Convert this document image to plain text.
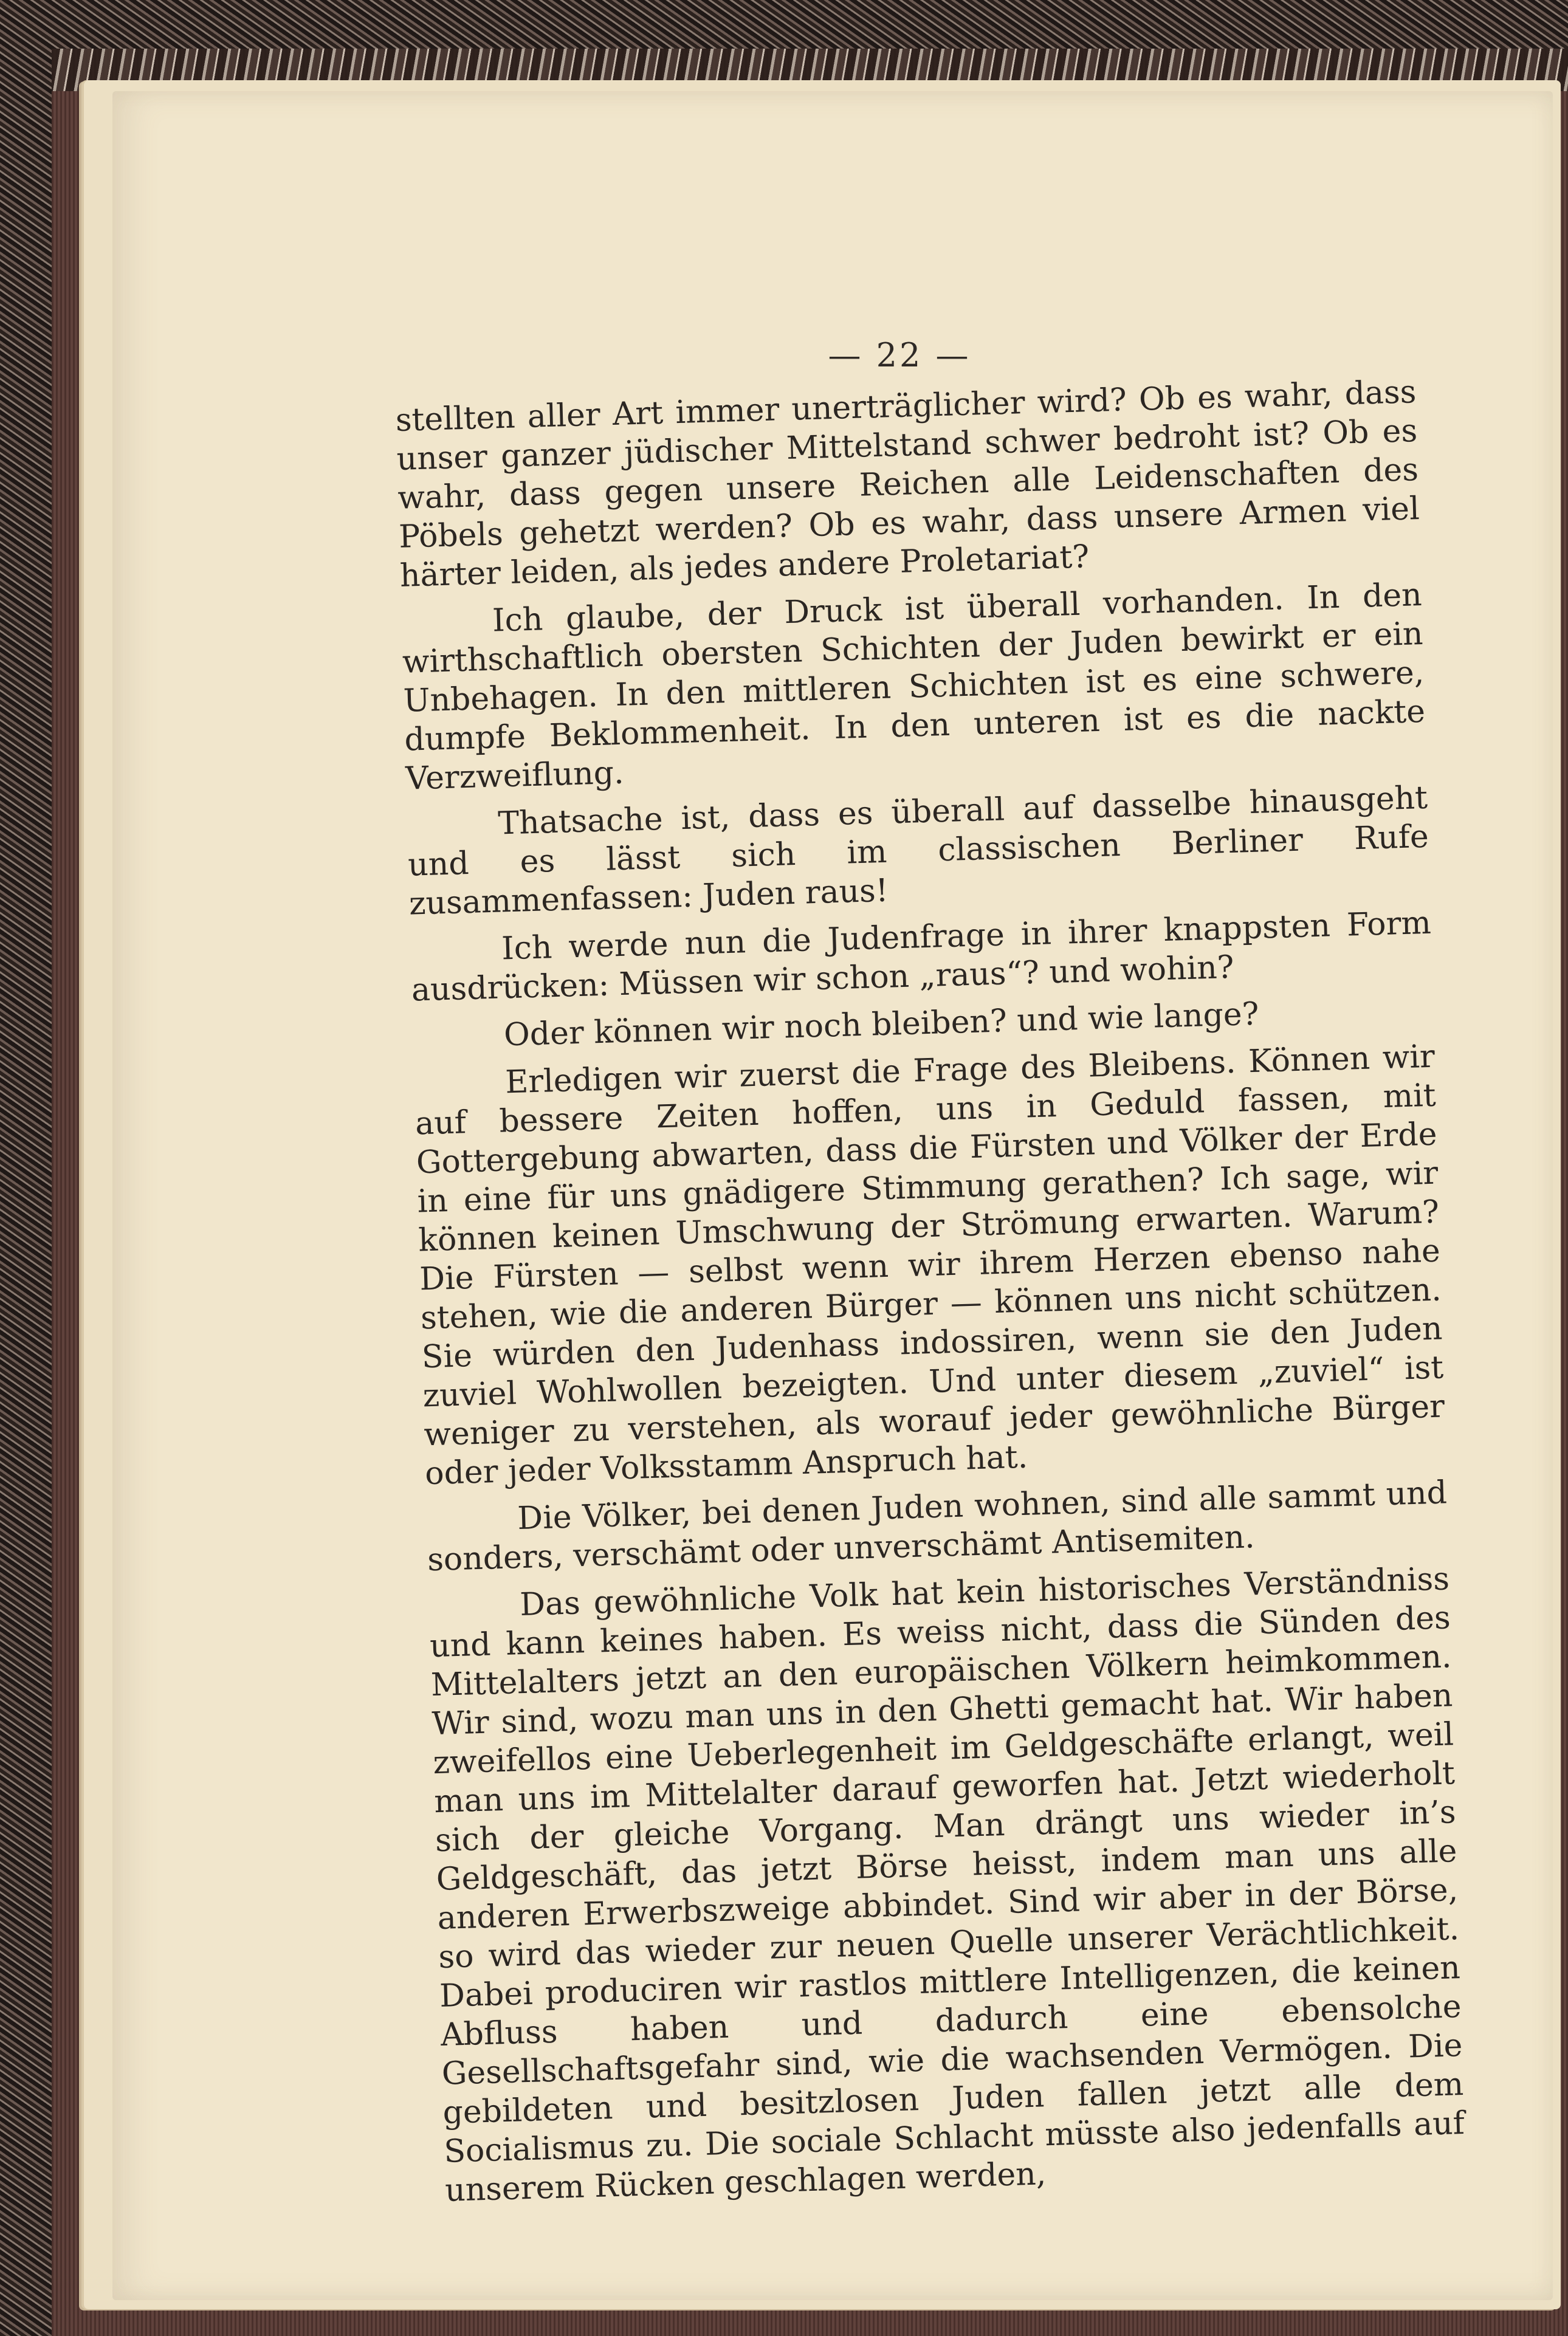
— 22 —

stellten aller Art immer unerträglicher wird? Ob es wahr, dass unser ganzer jüdischer Mittelstand schwer bedroht ist? Ob es wahr, dass gegen unsere Reichen alle Leidenschaften des Pöbels gehetzt werden? Ob es wahr, dass unsere Armen viel härter leiden, als jedes andere Proletariat?

Ich glaube, der Druck ist überall vorhanden. In den wirthschaftlich obersten Schichten der Juden bewirkt er ein Unbehagen. In den mittleren Schichten ist es eine schwere, dumpfe Beklommenheit. In den unteren ist es die nackte Verzweiflung.

Thatsache ist, dass es überall auf dasselbe hinausgeht und es lässt sich im classischen Berliner Rufe zusammenfassen: Juden raus!

Ich werde nun die Judenfrage in ihrer knappsten Form ausdrücken: Müssen wir schon „raus“? und wohin?

Oder können wir noch bleiben? und wie lange?

Erledigen wir zuerst die Frage des Bleibens. Können wir auf bessere Zeiten hoffen, uns in Geduld fassen, mit Gottergebung abwarten, dass die Fürsten und Völker der Erde in eine für uns gnädigere Stimmung gerathen? Ich sage, wir können keinen Umschwung der Strömung erwarten. Warum? Die Fürsten — selbst wenn wir ihrem Herzen ebenso nahe stehen, wie die anderen Bürger — können uns nicht schützen. Sie würden den Judenhass indossiren, wenn sie den Juden zuviel Wohlwollen bezeigten. Und unter diesem „zuviel“ ist weniger zu verstehen, als worauf jeder gewöhnliche Bürger oder jeder Volksstamm Anspruch hat.

Die Völker, bei denen Juden wohnen, sind alle sammt und sonders, verschämt oder unverschämt Antisemiten.

Das gewöhnliche Volk hat kein historisches Verständniss und kann keines haben. Es weiss nicht, dass die Sünden des Mittelalters jetzt an den europäischen Völkern heimkommen. Wir sind, wozu man uns in den Ghetti gemacht hat. Wir haben zweifellos eine Ueberlegenheit im Geldgeschäfte erlangt, weil man uns im Mittelalter darauf geworfen hat. Jetzt wiederholt sich der gleiche Vorgang. Man drängt uns wieder in’s Geldgeschäft, das jetzt Börse heisst, indem man uns alle anderen Erwerbszweige abbindet. Sind wir aber in der Börse, so wird das wieder zur neuen Quelle unserer Verächtlichkeit. Dabei produciren wir rastlos mittlere Intelligenzen, die keinen Abfluss haben und dadurch eine ebensolche Gesellschaftsgefahr sind, wie die wachsenden Vermögen. Die gebildeten und besitzlosen Juden fallen jetzt alle dem Socialismus zu. Die sociale Schlacht müsste also jedenfalls auf unserem Rücken geschlagen werden,
